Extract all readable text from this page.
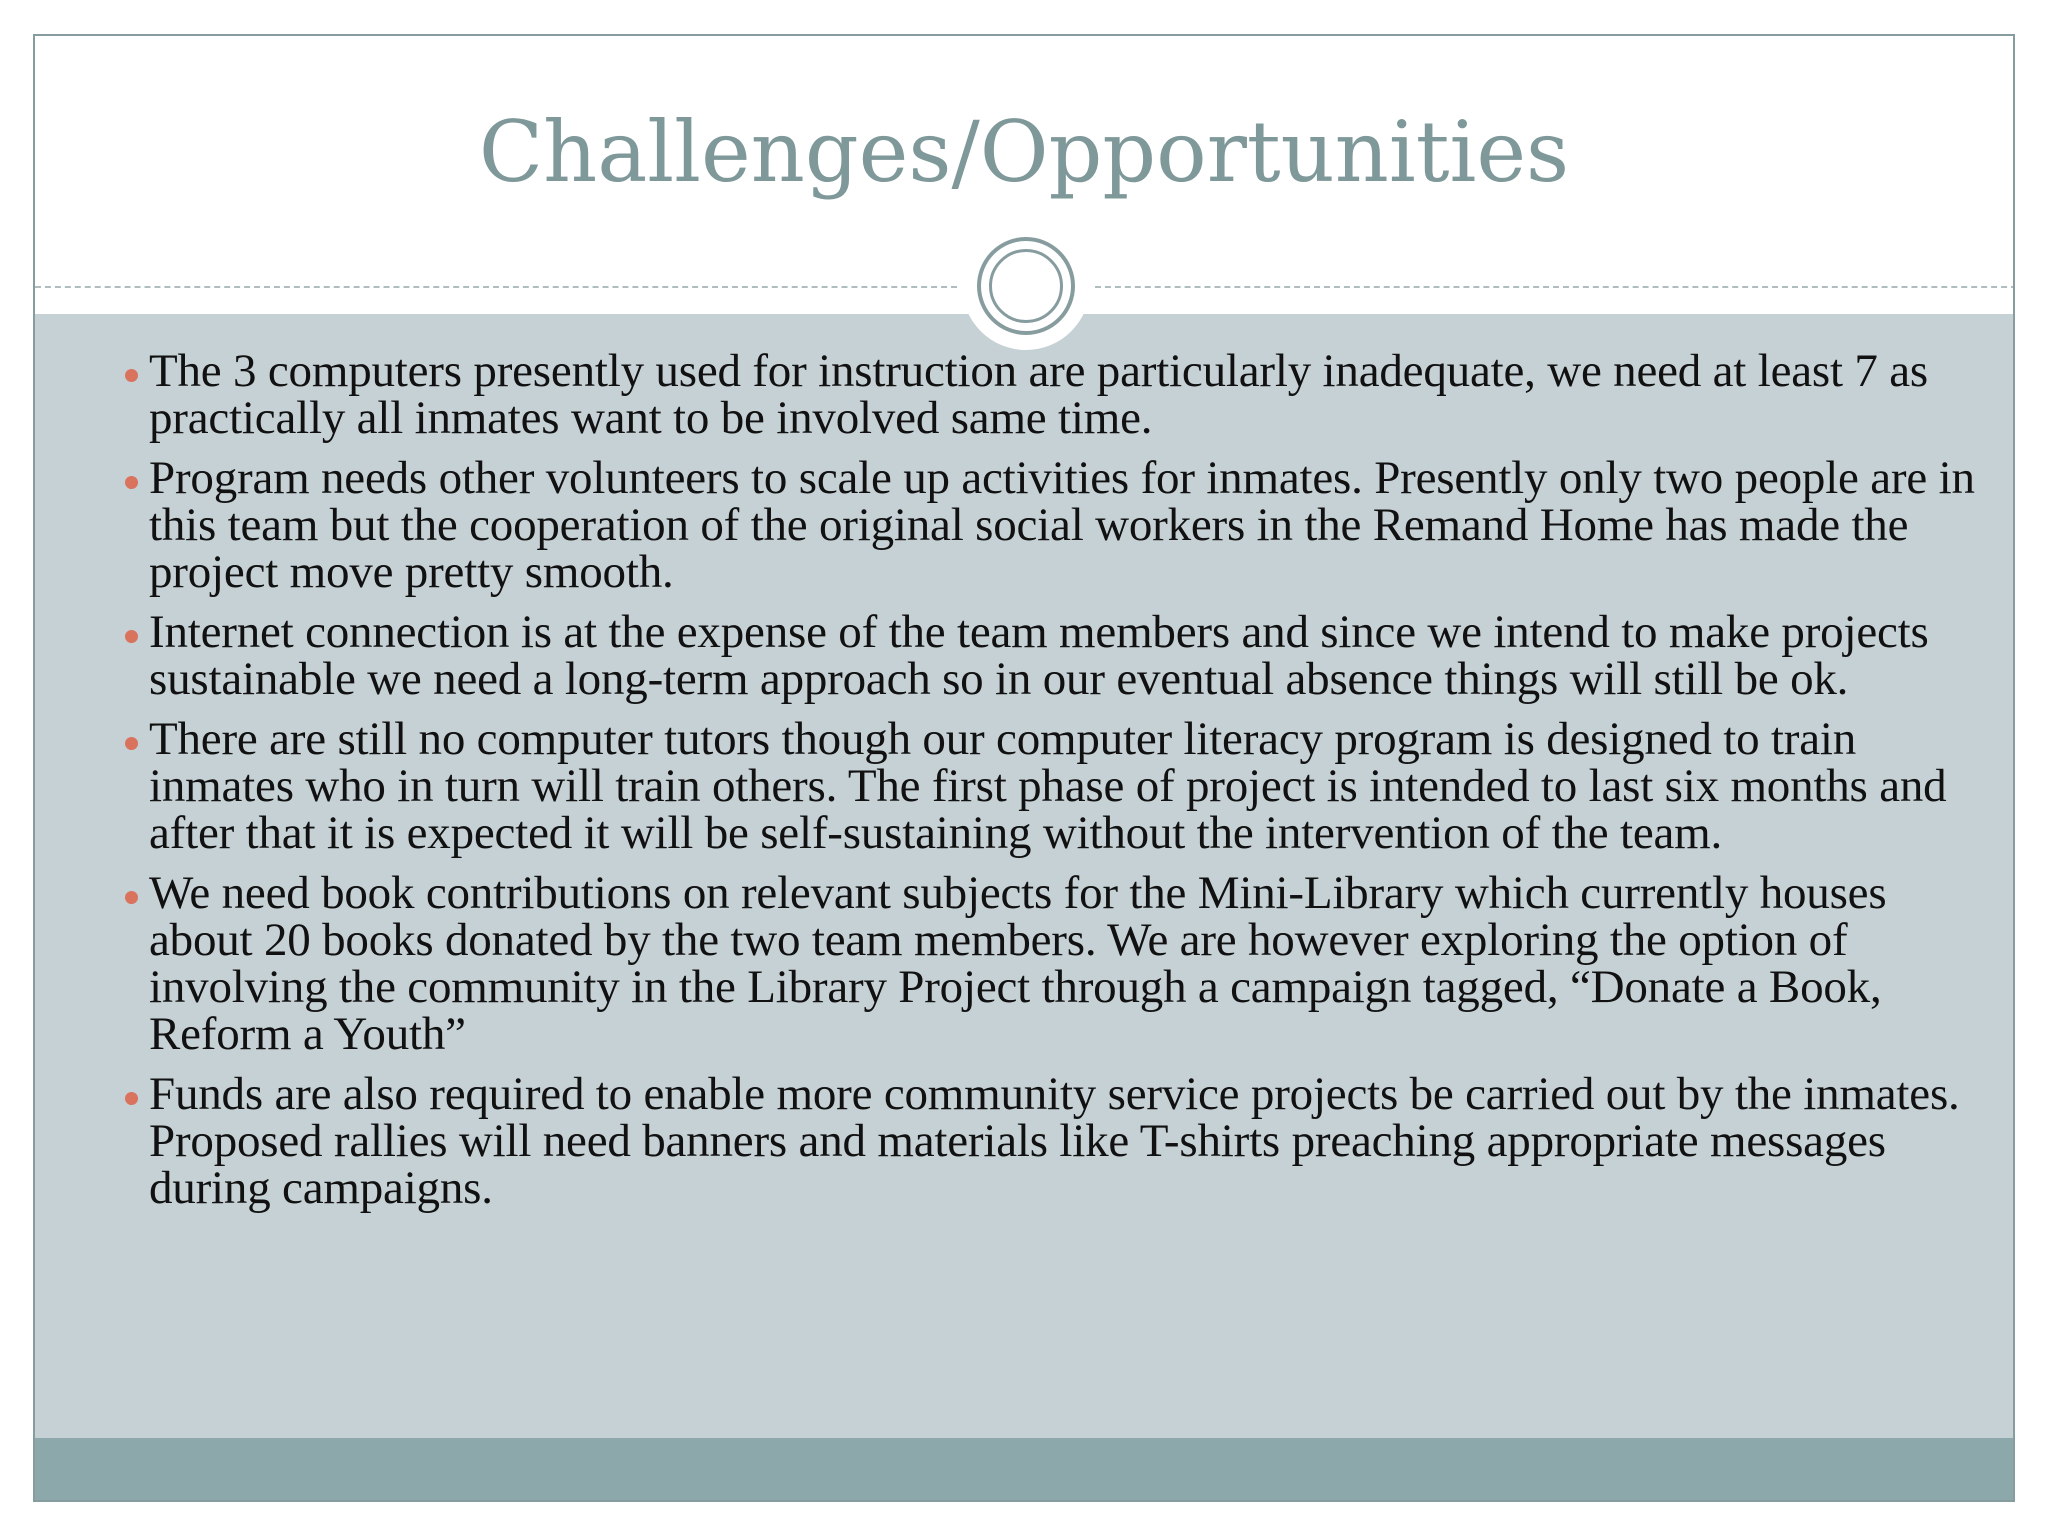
Challenges/Opportunities
The 3 computers presently used for instruction are particularly inadequate, we need at least 7 as practically all inmates want to be involved same time.
Program needs other volunteers to scale up activities for inmates. Presently only two people are in this team but the cooperation of the original social workers in the Remand Home has made the project move pretty smooth.
Internet connection is at the expense of the team members and since we intend to make projects sustainable we need a long-term approach so in our eventual absence things will still be ok.
There are still no computer tutors though our computer literacy program is designed to train inmates who in turn will train others. The first phase of project is intended to last six months and after that it is expected it will be self-sustaining without the intervention of the team.
We need book contributions on relevant subjects for the Mini-Library which currently houses about 20 books donated by the two team members. We are however exploring the option of involving the community in the Library Project through a campaign tagged, “Donate a Book, Reform a Youth”
Funds are also required to enable more community service projects be carried out by the inmates. Proposed rallies will need banners and materials like T-shirts preaching appropriate messages during campaigns.
